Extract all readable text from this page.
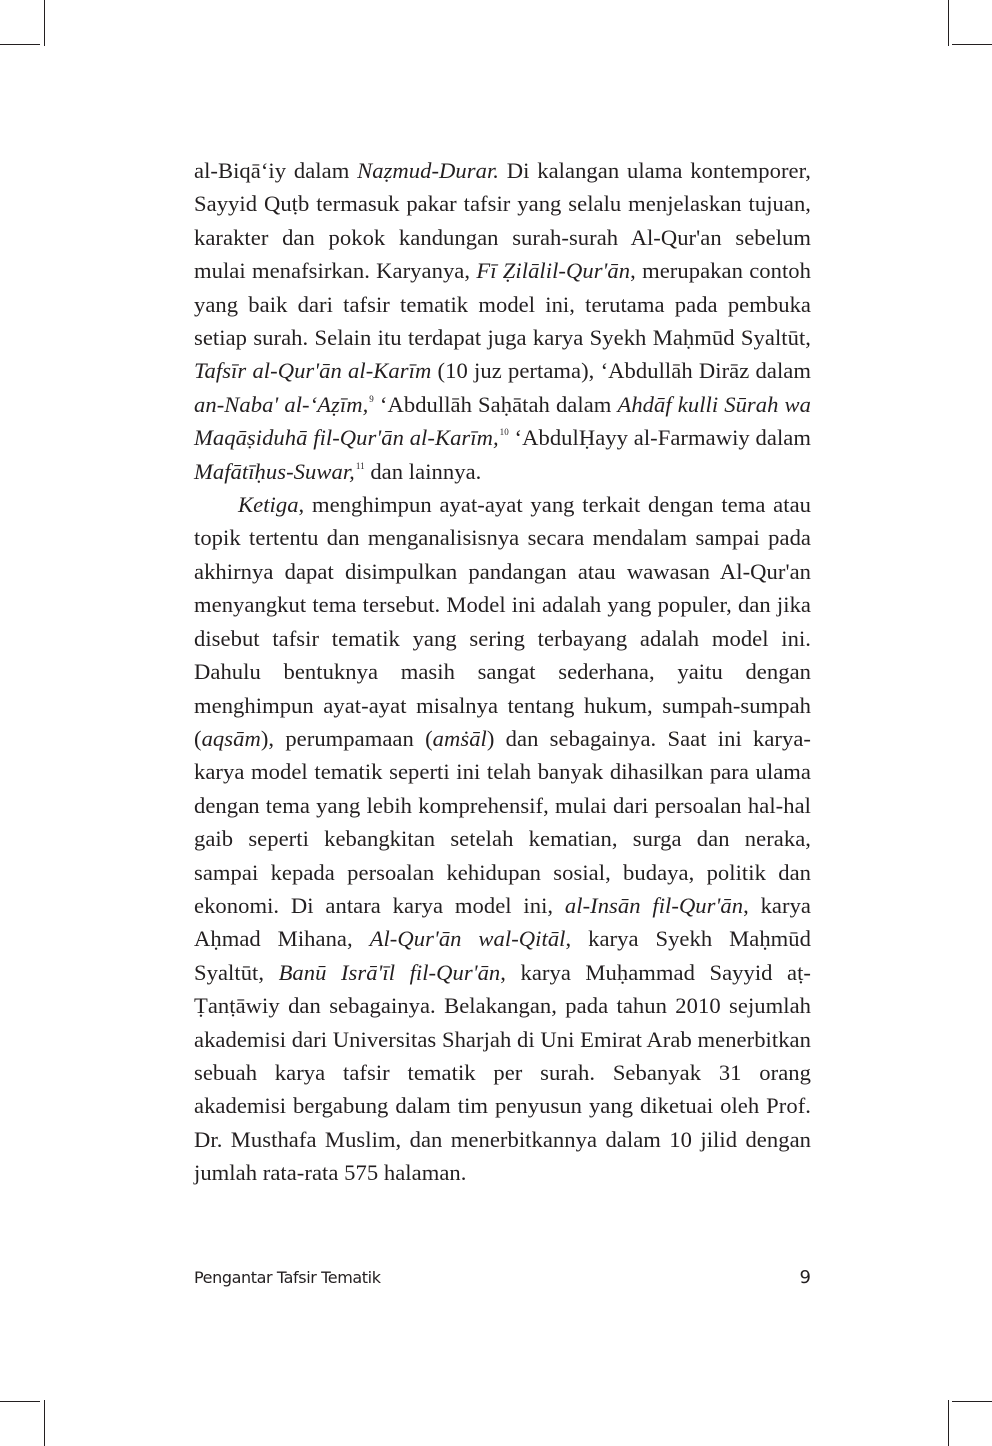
al-Biqāʻiy dalam Naẓmud-Durar. Di kalangan ulama kontemporer, Sayyid Quṭb termasuk pakar tafsir yang selalu menjelaskan tujuan, karakter dan pokok kandungan surah-surah Al-Qur'an sebelum mulai menafsirkan. Karyanya, Fī Ẓilālil-Qur'ān, merupakan contoh yang baik dari tafsir tematik model ini, terutama pada pembuka setiap surah. Selain itu terdapat juga karya Syekh Maḥmūd Syaltūt, Tafsīr al-Qur'ān al-Karīm (10 juz pertama), ʻAbdullāh Dirāz dalam an-Naba' al-ʻAẓīm,$^9$ ʻAbdullāh Saḥātah dalam Ahdāf kulli Sūrah wa Maqāṣiduhā fil-Qur'ān al-Karīm,$^{10}$ ʻAbdulḤayy al-Farmawiy dalam Mafātīḥus-Suwar,$^{11}$ dan lainnya.

Ketiga, menghimpun ayat-ayat yang terkait dengan tema atau topik tertentu dan menganalisisnya secara mendalam sampai pada akhirnya dapat disimpulkan pandangan atau wawasan Al-Qur'an menyangkut tema tersebut. Model ini adalah yang populer, dan jika disebut tafsir tematik yang sering terbayang adalah model ini. Dahulu bentuknya masih sangat sederhana, yaitu dengan menghimpun ayat-ayat misalnya tentang hukum, sumpah-sumpah (aqsām), perumpamaan (amṡāl) dan sebagainya. Saat ini karya-karya model tematik seperti ini telah banyak dihasilkan para ulama dengan tema yang lebih komprehensif, mulai dari persoalan hal-hal gaib seperti kebangkitan setelah kematian, surga dan neraka, sampai kepada persoalan kehidupan sosial, budaya, politik dan ekonomi. Di antara karya model ini, al-Insān fil-Qur'ān, karya Aḥmad Mihana, Al-Qur'ān wal-Qitāl, karya Syekh Maḥmūd Syaltūt, Banū Isrā'īl fil-Qur'ān, karya Muḥammad Sayyid aṭ-Ṭanṭāwiy dan sebagainya. Belakangan, pada tahun 2010 sejumlah akademisi dari Universitas Sharjah di Uni Emirat Arab menerbitkan sebuah karya tafsir tematik per surah. Sebanyak 31 orang akademisi bergabung dalam tim penyusun yang diketuai oleh Prof. Dr. Musthafa Muslim, dan menerbitkannya dalam 10 jilid dengan jumlah rata-rata 575 halaman.

Pengantar Tafsir Tematik	9
